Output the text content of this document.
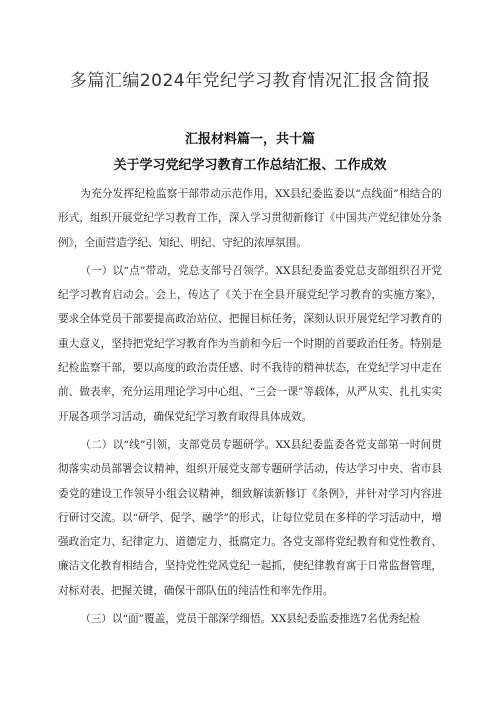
多篇汇编2024年党纪学习教育情况汇报含简报
汇报材料篇一，共十篇
关于学习党纪学习教育工作总结汇报、工作成效

为充分发挥纪检监察干部带动示范作用，XX县纪委监委以“点线面”相结合的形式，组织开展党纪学习教育工作，深入学习贯彻新修订《中国共产党纪律处分条例》，全面营造学纪、知纪、明纪、守纪的浓厚氛围。

（一）以“点”带动，党总支部号召领学。XX县纪委监委党总支部组织召开党纪学习教育启动会。会上，传达了《关于在全县开展党纪学习教育的实施方案》，要求全体党员干部要提高政治站位、把握目标任务，深刻认识开展党纪学习教育的重大意义，坚持把党纪学习教育作为当前和今后一个时期的首要政治任务。特别是纪检监察干部，要以高度的政治责任感、时不我待的精神状态，在党纪学习中走在前、做表率，充分运用理论学习中心组、“三会一课”等载体，从严从实、扎扎实实开展各项学习活动，确保党纪学习教育取得具体成效。

（二）以“线”引领，支部党员专题研学。XX县纪委监委各党支部第一时间贯彻落实动员部署会议精神，组织开展党支部专题研学活动，传达学习中央、省市县委党的建设工作领导小组会议精神，细致解读新修订《条例》，并针对学习内容进行研讨交流。以“研学、促学、融学”的形式，让每位党员在多样的学习活动中，增强政治定力、纪律定力、道德定力、抵腐定力。各党支部将党纪教育和党性教育、廉洁文化教育相结合，坚持党性党风党纪一起抓，使纪律教育寓于日常监督管理，对标对表、把握关键，确保干部队伍的纯洁性和率先作用。

（三）以“面”覆盖，党员干部深学细悟。XX县纪委监委推选7名优秀纪检
